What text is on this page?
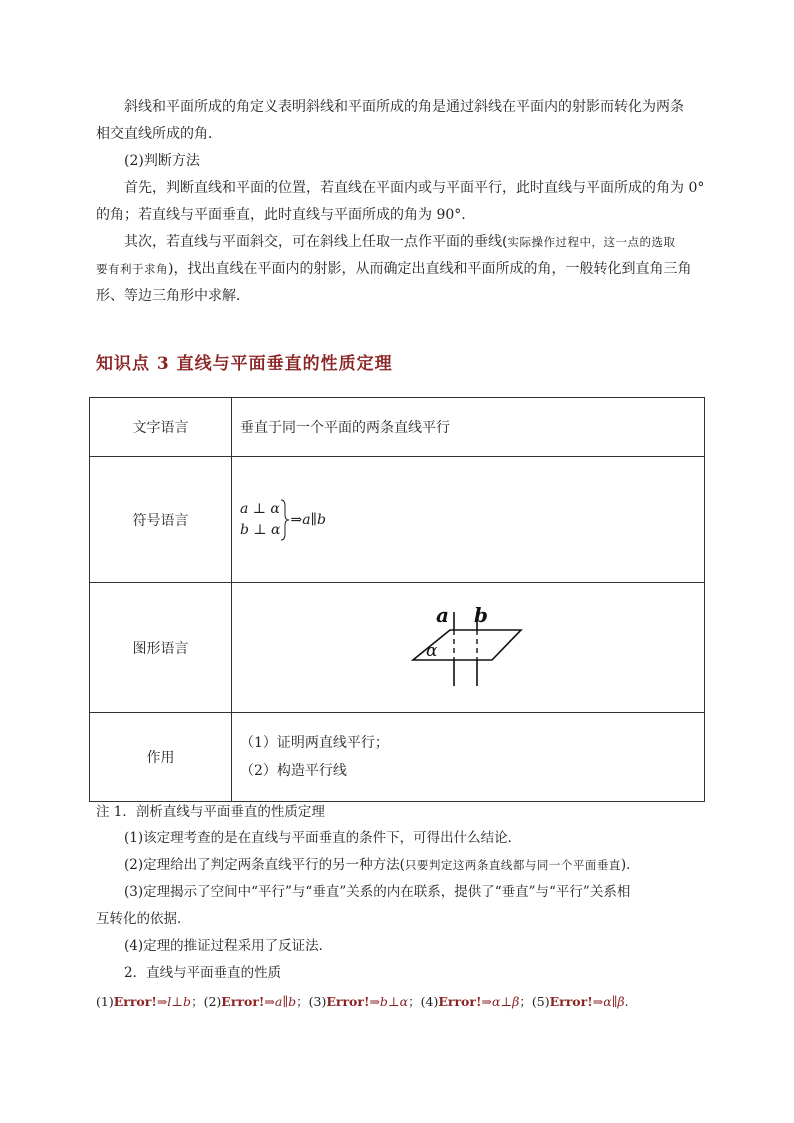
斜线和平面所成的角定义表明斜线和平面所成的角是通过斜线在平面内的射影而转化为两条

相交直线所成的角．

(2)判断方法

首先，判断直线和平面的位置，若直线在平面内或与平面平行，此时直线与平面所成的角为 0°

的角；若直线与平面垂直，此时直线与平面所成的角为 90°.

其次，若直线与平面斜交，可在斜线上任取一点作平面的垂线(实际操作过程中，这一点的选取

要有利于求角)，找出直线在平面内的射影，从而确定出直线和平面所成的角，一般转化到直角三角

形、等边三角形中求解．

知识点 3 直线与平面垂直的性质定理
文字语言	垂直于同一个平面的两条直线平行
符号语言	a ⊥ α
b ⊥ α
⇒a∥b

图形语言	a b
α

作用	（1）证明两直线平行；
（2）构造平行线

注 1．剖析直线与平面垂直的性质定理

(1)该定理考查的是在直线与平面垂直的条件下，可得出什么结论．

(2)定理给出了判定两条直线平行的另一种方法(只要判定这两条直线都与同一个平面垂直)．

(3)定理揭示了空间中“平行”与“垂直”关系的内在联系，提供了“垂直”与“平行”关系相

互转化的依据．

(4)定理的推证过程采用了反证法．

2．直线与平面垂直的性质

(1)Error!⇒l⊥b；(2)Error!⇒a∥b；(3)Error!⇒b⊥α；(4)Error!⇒α⊥β；(5)Error!⇒α∥β.
